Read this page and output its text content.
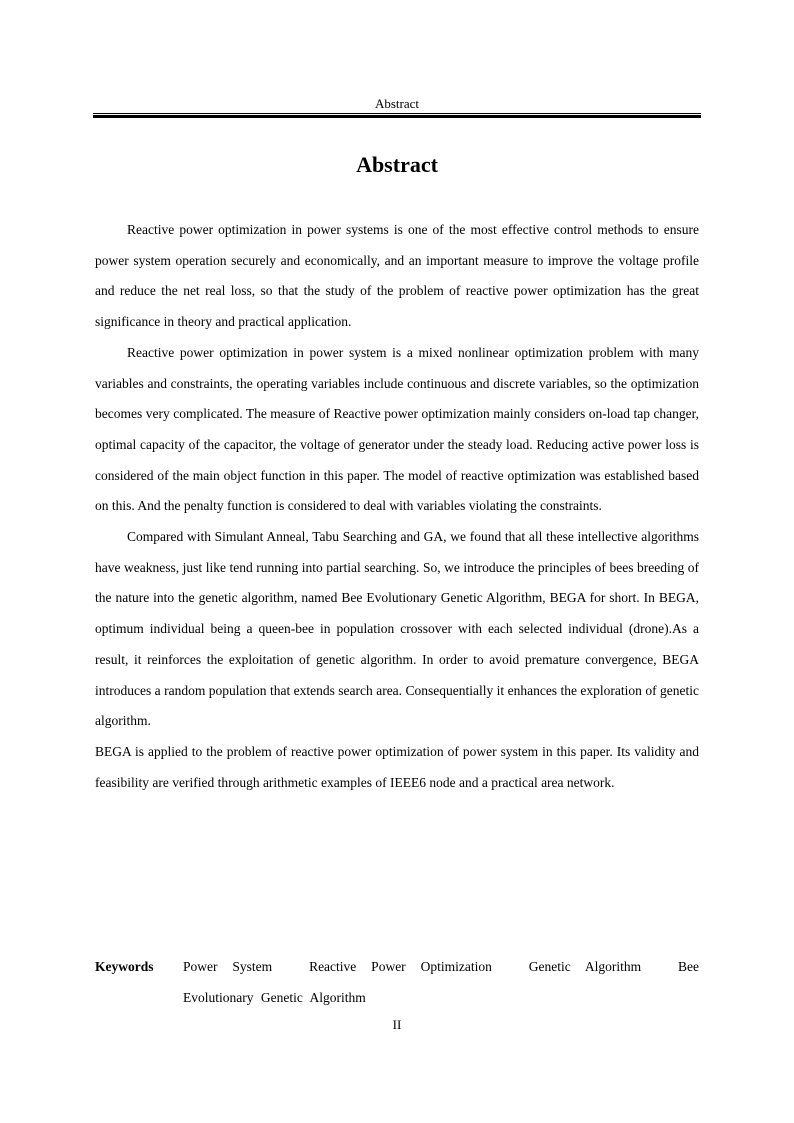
Abstract
Abstract

Reactive power optimization in power systems is one of the most effective control methods to ensure power system operation securely and economically, and an important measure to improve the voltage profile and reduce the net real loss, so that the study of the problem of reactive power optimization has the great significance in theory and practical application.

Reactive power optimization in power system is a mixed nonlinear optimization problem with many variables and constraints, the operating variables include continuous and discrete variables, so the optimization becomes very complicated. The measure of Reactive power optimization mainly considers on-load tap changer, optimal capacity of the capacitor, the voltage of generator under the steady load. Reducing active power loss is considered of the main object function in this paper. The model of reactive optimization was established based on this. And the penalty function is considered to deal with variables violating the constraints.

Compared with Simulant Anneal, Tabu Searching and GA, we found that all these intellective algorithms have weakness, just like tend running into partial searching. So, we introduce the principles of bees breeding of the nature into the genetic algorithm, named Bee Evolutionary Genetic Algorithm, BEGA for short. In BEGA, optimum individual being a queen-bee in population crossover with each selected individual (drone).As a result, it reinforces the exploitation of genetic algorithm. In order to avoid premature convergence, BEGA introduces a random population that extends search area. Consequentially it enhances the exploration of genetic algorithm.

BEGA is applied to the problem of reactive power optimization of power system in this paper. Its validity and feasibility are verified through arithmetic examples of IEEE6 node and a practical area network.

Keywords	Power System	Reactive Power Optimization	Genetic Algorithm	Bee Evolutionary Genetic Algorithm
II
